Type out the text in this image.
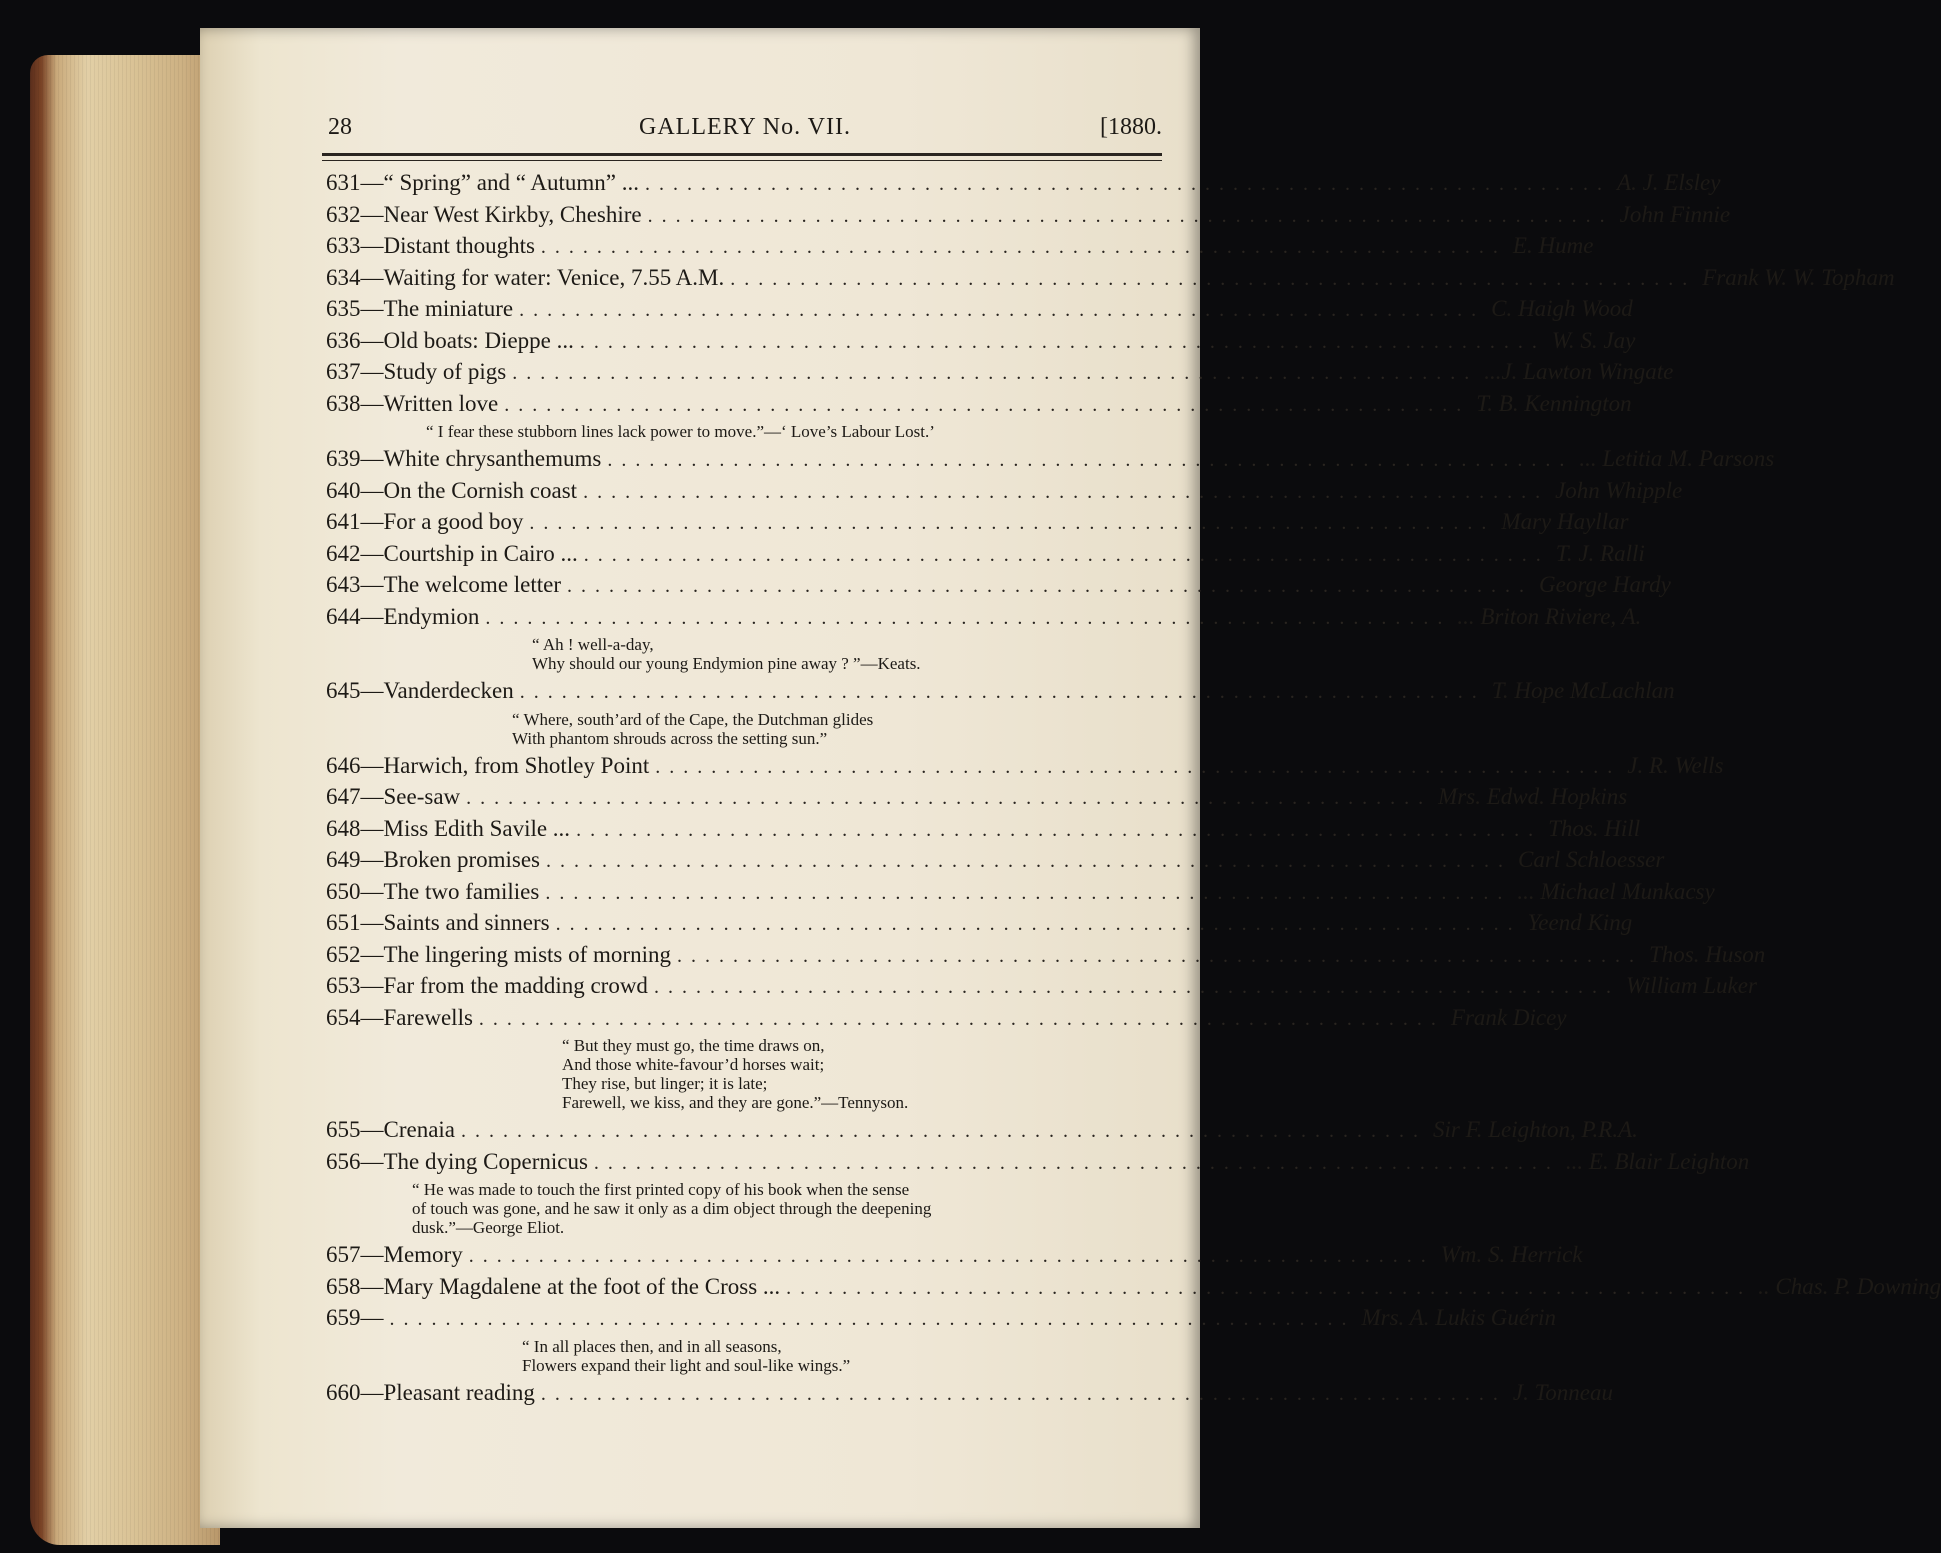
28	GALLERY No. VII.	[1880.
631— “ Spring” and “ Autumn” ... ..................................................................... A. J. Elsley
632— Near West Kirkby, Cheshire ..................................................................... John Finnie
633— Distant thoughts ..................................................................... E. Hume
634— Waiting for water: Venice, 7.55 A.M. ..................................................................... Frank W. W. Topham
635— The miniature ..................................................................... C. Haigh Wood
636— Old boats: Dieppe ... ..................................................................... W. S. Jay
637— Study of pigs ..................................................................... ...J. Lawton Wingate
638— Written love ..................................................................... T. B. Kennington
“ I fear these stubborn lines lack power to move.”—‘ Love’s Labour Lost.’
639— White chrysanthemums ..................................................................... ... Letitia M. Parsons
640— On the Cornish coast ..................................................................... John Whipple
641— For a good boy ..................................................................... Mary Hayllar
642— Courtship in Cairo ... ..................................................................... T. J. Ralli
643— The welcome letter ..................................................................... George Hardy
644— Endymion ..................................................................... ... Briton Riviere, A.
“ Ah ! well-a-day,
Why should our young Endymion pine away ? ”—Keats.
645— Vanderdecken ..................................................................... T. Hope McLachlan
“ Where, south’ard of the Cape, the Dutchman glides
With phantom shrouds across the setting sun.”
646— Harwich, from Shotley Point ..................................................................... J. R. Wells
647— See-saw ..................................................................... Mrs. Edwd. Hopkins
648— Miss Edith Savile ... ..................................................................... Thos. Hill
649— Broken promises ..................................................................... Carl Schloesser
650— The two families ..................................................................... ... Michael Munkacsy
651— Saints and sinners ..................................................................... Yeend King
652— The lingering mists of morning ..................................................................... Thos. Huson
653— Far from the madding crowd ..................................................................... William Luker
654— Farewells ..................................................................... Frank Dicey
“ But they must go, the time draws on,
And those white-favour’d horses wait;
They rise, but linger; it is late;
Farewell, we kiss, and they are gone.”—Tennyson.
655— Crenaia ..................................................................... Sir F. Leighton, P.R.A.
656— The dying Copernicus ..................................................................... ... E. Blair Leighton
“ He was made to touch the first printed copy of his book when the sense
of touch was gone, and he saw it only as a dim object through the deepening
dusk.”—George Eliot.
657— Memory ..................................................................... Wm. S. Herrick
658— Mary Magdalene at the foot of the Cross ... ..................................................................... .. Chas. P. Downing
659— ..................................................................... Mrs. A. Lukis Guérin
“ In all places then, and in all seasons,
Flowers expand their light and soul-like wings.”
660— Pleasant reading ..................................................................... J. Tonneau
